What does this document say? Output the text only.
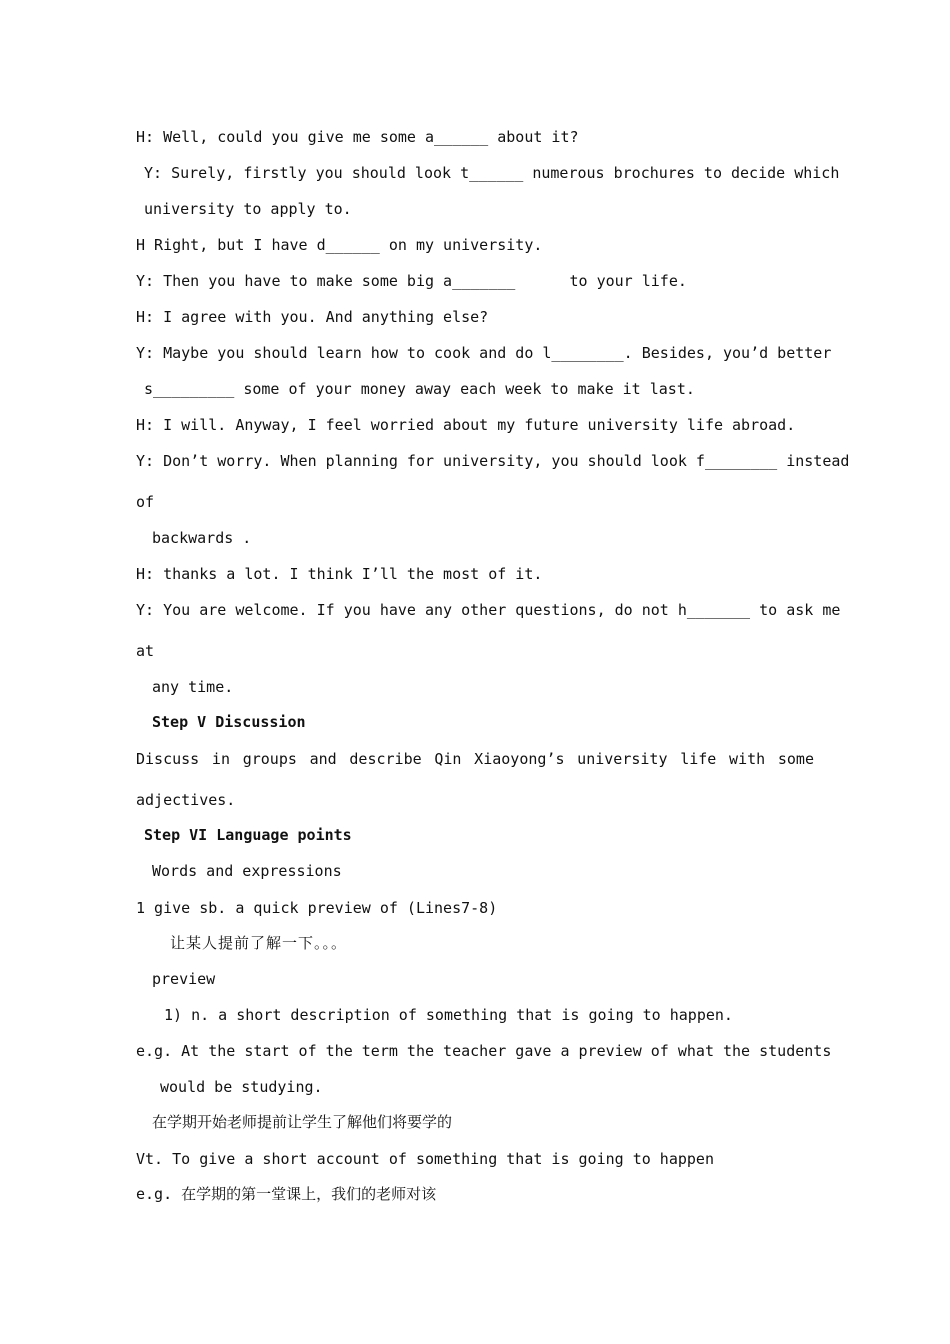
H: Well, could you give me some a______ about it?
Y: Surely, firstly you should look t______ numerous brochures to decide which
university to apply to.
H Right, but I have d______ on my university.
Y: Then you have to make some big a_______      to your life.
H: I agree with you. And anything else?
Y: Maybe you should learn how to cook and do l________. Besides, you’d better
s_________ some of your money away each week to make it last.
H: I will. Anyway, I feel worried about my future university life abroad.
Y: Don’t worry. When planning for university, you should look f________ instead
of
backwards .
H: thanks a lot. I think I’ll the most of it.
Y: You are welcome. If you have any other questions, do not h_______ to ask me
at
any time.
Step V Discussion
Discuss in groups and describe Qin Xiaoyong’s university life with some
adjectives.
Step VI Language points
Words and expressions
1 give sb. a quick preview of (Lines7-8)
让某人提前了解一下。。。
preview
1) n. a short description of something that is going to happen.
e.g. At the start of the term the teacher gave a preview of what the students
would be studying.
在学期开始老师提前让学生了解他们将要学的
Vt. To give a short account of something that is going to happen
e.g. 在学期的第一堂课上，我们的老师对该
